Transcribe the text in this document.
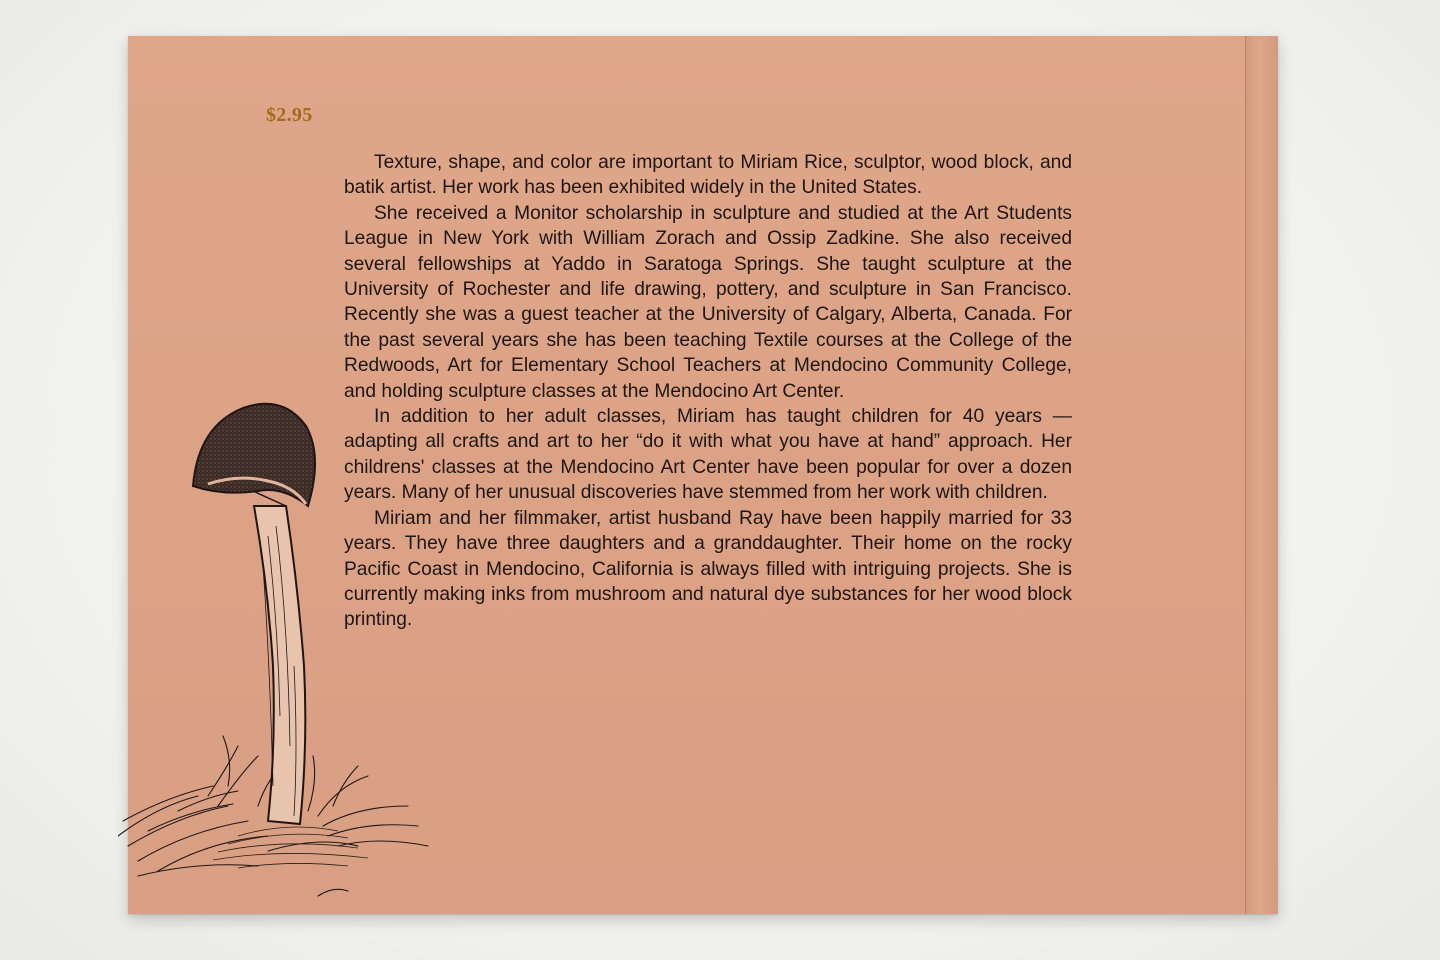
$2.95

Texture, shape, and color are important to Miriam Rice, sculptor, wood block, and batik artist. Her work has been exhibited widely in the United States.

She received a Monitor scholarship in sculpture and studied at the Art Students League in New York with William Zorach and Ossip Zadkine. She also received several fellowships at Yaddo in Saratoga Springs. She taught sculpture at the University of Rochester and life drawing, pottery, and sculpture in San Francisco. Recently she was a guest teacher at the University of Calgary, Alberta, Canada. For the past several years she has been teaching Textile courses at the College of the Redwoods, Art for Elementary School Teachers at Mendocino Community College, and holding sculpture classes at the Mendocino Art Center.

In addition to her adult classes, Miriam has taught children for 40 years — adapting all crafts and art to her “do it with what you have at hand” approach. Her childrens' classes at the Mendocino Art Center have been popular for over a dozen years. Many of her unusual discoveries have stemmed from her work with children.

Miriam and her filmmaker, artist husband Ray have been happily married for 33 years. They have three daughters and a granddaughter. Their home on the rocky Pacific Coast in Mendocino, California is always filled with intriguing projects. She is currently making inks from mushroom and natural dye substances for her wood block printing.
